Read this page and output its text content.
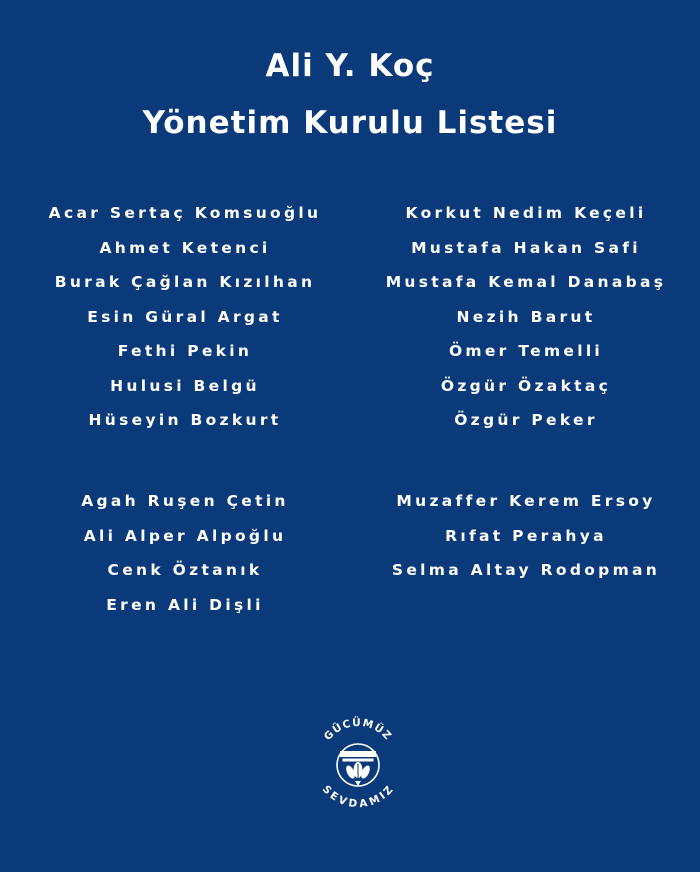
Ali Y. Koç
Yönetim Kurulu Listesi
Acar Sertaç Komsuoğlu
Ahmet Ketenci
Burak Çağlan Kızılhan
Esin Güral Argat
Fethi Pekin
Hulusi Belgü
Hüseyin Bozkurt
Korkut Nedim Keçeli
Mustafa Hakan Safi
Mustafa Kemal Danabaş
Nezih Barut
Ömer Temelli
Özgür Özaktaç
Özgür Peker
Agah Ruşen Çetin
Ali Alper Alpoğlu
Cenk Öztanık
Eren Ali Dişli
Muzaffer Kerem Ersoy
Rıfat Perahya
Selma Altay Rodopman
GÜCÜMÜZ
SEVDAMIZ
